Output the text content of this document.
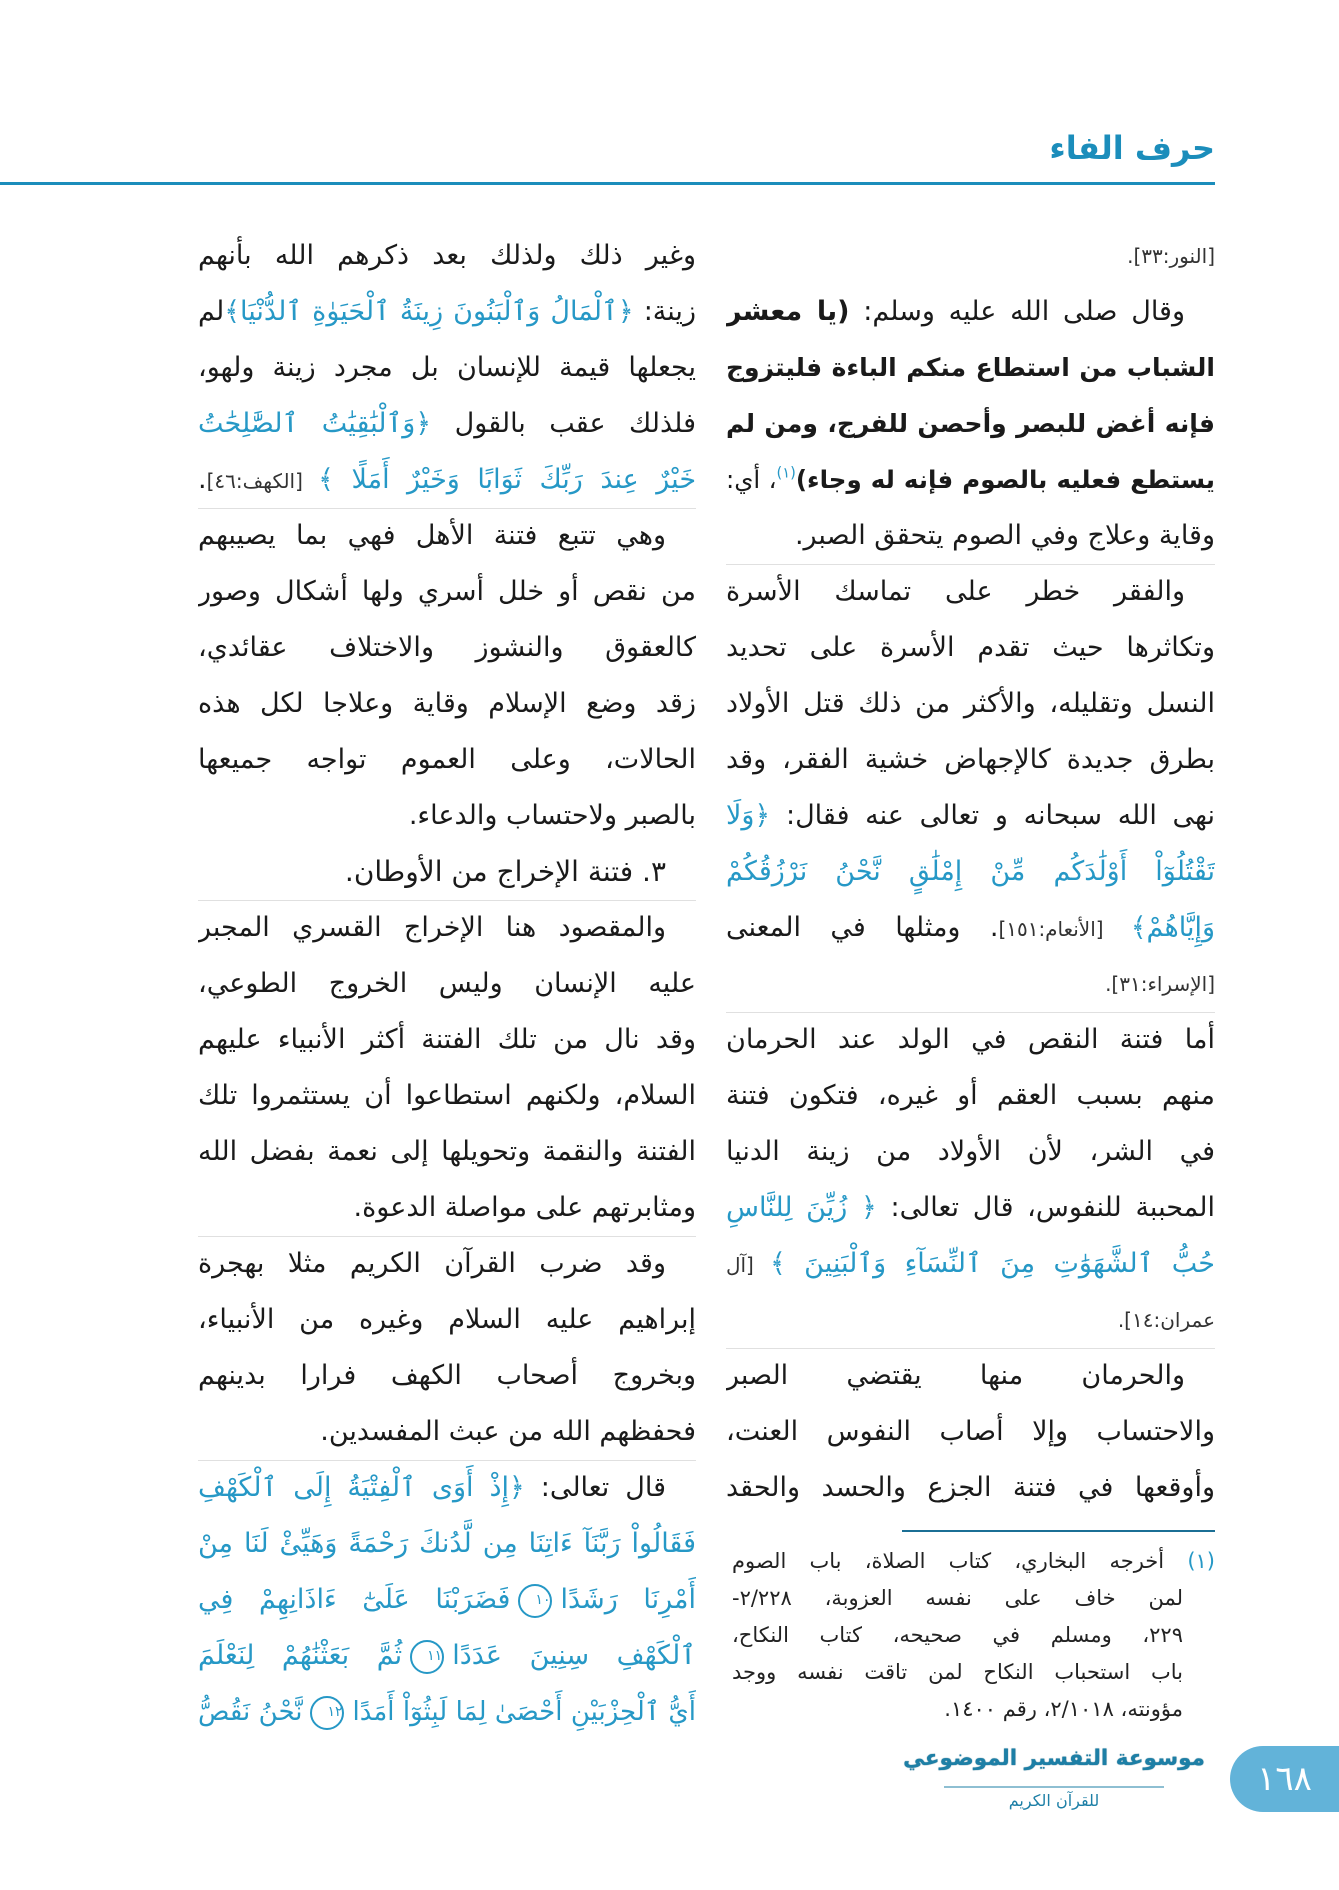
حرف الفاء
[النور:٣٣].
وقال صلى الله عليه وسلم: (يا معشر
الشباب من استطاع منكم الباءة فليتزوج
فإنه أغض للبصر وأحصن للفرج، ومن لم
يستطع فعليه بالصوم فإنه له وجاء)$^{(١)}$، أي:
وقاية وعلاج وفي الصوم يتحقق الصبر.
والفقر خطر على تماسك الأسرة
وتكاثرها حيث تقدم الأسرة على تحديد
النسل وتقليله، والأكثر من ذلك قتل الأولاد
بطرق جديدة كالإجهاض خشية الفقر، وقد
نهى الله سبحانه و تعالى عنه فقال: ﴿وَلَا
تَقْتُلُوٓاْ أَوْلَٰدَكُم مِّنْ إِمْلَٰقٍ نَّحْنُ نَرْزُقُكُمْ
وَإِيَّاهُمْ﴾ [الأنعام:١٥١]. ومثلها في المعنى
[الإسراء:٣١].
أما فتنة النقص في الولد عند الحرمان
منهم بسبب العقم أو غيره، فتكون فتنة
في الشر، لأن الأولاد من زينة الدنيا
المحببة للنفوس، قال تعالى: ﴿ زُيِّنَ لِلنَّاسِ
حُبُّ ٱلشَّهَوَٰتِ مِنَ ٱلنِّسَآءِ وَٱلْبَنِينَ ﴾ [آل
عمران:١٤].
والحرمان منها يقتضي الصبر
والاحتساب وإلا أصاب النفوس العنت،
وأوقعها في فتنة الجزع والحسد والحقد
(١) أخرجه البخاري، كتاب الصلاة، باب الصوم
لمن خاف على نفسه العزوبة، ٢/٢٢٨-
٢٢٩، ومسلم في صحيحه، كتاب النكاح،
باب استحباب النكاح لمن تاقت نفسه ووجد
مؤونته، ٢/١٠١٨، رقم ١٤٠٠.
وغير ذلك ولذلك بعد ذكرهم الله بأنهم
زينة: ﴿ٱلْمَالُ وَٱلْبَنُونَ زِينَةُ ٱلْحَيَوٰةِ ٱلدُّنْيَا﴾لم
يجعلها قيمة للإنسان بل مجرد زينة ولهو،
فلذلك عقب بالقول ﴿وَٱلْبَٰقِيَٰتُ ٱلصَّٰلِحَٰتُ
خَيْرٌ عِندَ رَبِّكَ ثَوَابًا وَخَيْرٌ أَمَلًا ﴾ [الكهف:٤٦].
وهي تتبع فتنة الأهل فهي بما يصيبهم
من نقص أو خلل أسري ولها أشكال وصور
كالعقوق والنشوز والاختلاف عقائدي،
زقد وضع الإسلام وقاية وعلاجا لكل هذه
الحالات، وعلى العموم تواجه جميعها
بالصبر ولاحتساب والدعاء.
٣. فتنة الإخراج من الأوطان.
والمقصود هنا الإخراج القسري المجبر
عليه الإنسان وليس الخروج الطوعي،
وقد نال من تلك الفتنة أكثر الأنبياء عليهم
السلام، ولكنهم استطاعوا أن يستثمروا تلك
الفتنة والنقمة وتحويلها إلى نعمة بفضل الله
ومثابرتهم على مواصلة الدعوة.
وقد ضرب القرآن الكريم مثلا بهجرة
إبراهيم عليه السلام وغيره من الأنبياء،
وبخروج أصحاب الكهف فرارا بدينهم
فحفظهم الله من عبث المفسدين.
قال تعالى: ﴿إِذْ أَوَى ٱلْفِتْيَةُ إِلَى ٱلْكَهْفِ
فَقَالُواْ رَبَّنَآ ءَاتِنَا مِن لَّدُنكَ رَحْمَةً وَهَيِّئْ لَنَا مِنْ
أَمْرِنَا رَشَدًا١٠فَضَرَبْنَا عَلَىٰٓ ءَاذَانِهِمْ فِي
ٱلْكَهْفِ سِنِينَ عَدَدًا١١ثُمَّ بَعَثْنَٰهُمْ لِنَعْلَمَ
أَيُّ ٱلْحِزْبَيْنِ أَحْصَىٰ لِمَا لَبِثُوٓاْ أَمَدًا١٢نَّحْنُ نَقُصُّ
موسوعة التفسير الموضوعي
للقرآن الكريم
١٦٨
